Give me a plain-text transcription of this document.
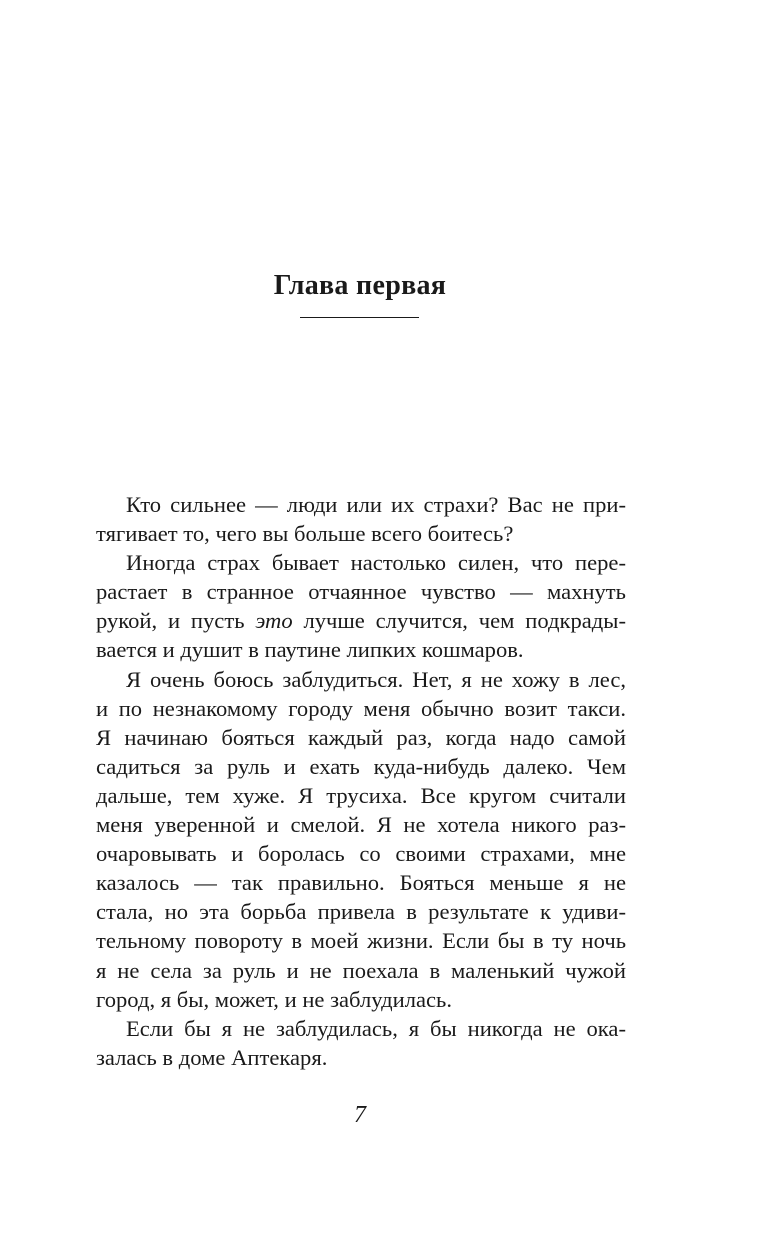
Глава первая

Кто сильнее — люди или их страхи? Вас не при-
тягивает то, чего вы больше всего боитесь?

Иногда страх бывает настолько силен, что пере-
растает в странное отчаянное чувство — махнуть
рукой, и пусть это лучше случится, чем подкрады-
вается и душит в паутине липких кошмаров.

Я очень боюсь заблудиться. Нет, я не хожу в лес,
и по незнакомому городу меня обычно возит такси.
Я начинаю бояться каждый раз, когда надо самой
садиться за руль и ехать куда-нибудь далеко. Чем
дальше, тем хуже. Я трусиха. Все кругом считали
меня уверенной и смелой. Я не хотела никого раз-
очаровывать и боролась со своими страхами, мне
казалось — так правильно. Бояться меньше я не
стала, но эта борьба привела в результате к удиви-
тельному повороту в моей жизни. Если бы в ту ночь
я не села за руль и не поехала в маленький чужой
город, я бы, может, и не заблудилась.

Если бы я не заблудилась, я бы никогда не ока-
залась в доме Аптекаря.

7
